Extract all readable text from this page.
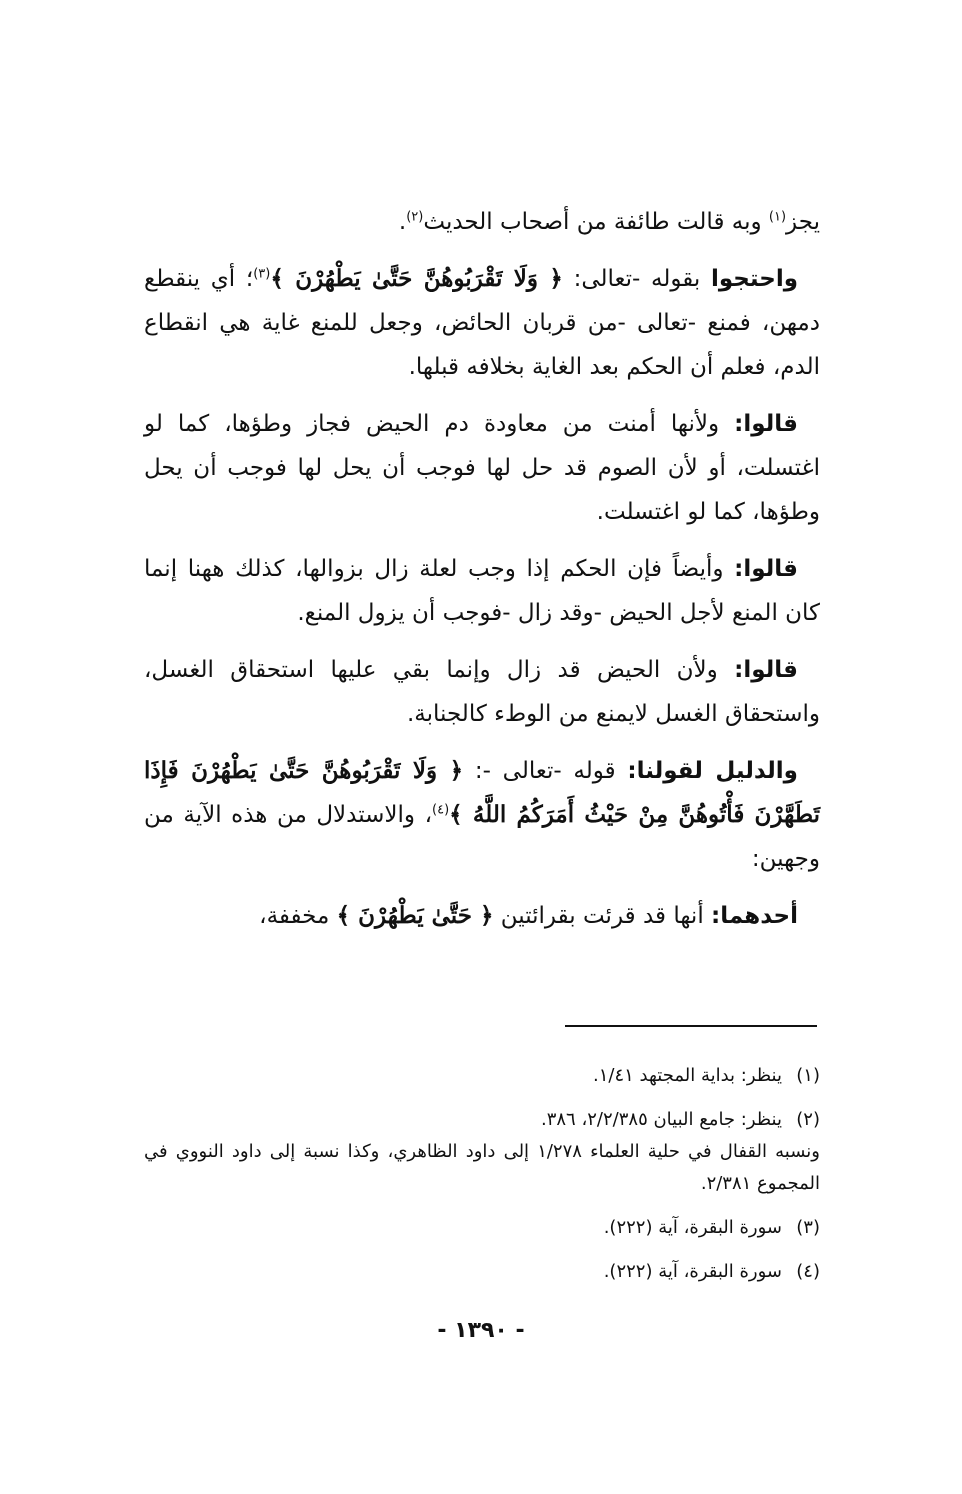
يجز$^{(١)}$ وبه قالت طائفة من أصحاب الحديث$^{(٢)}$.

واحتجوا بقوله -تعالى: ﴿ وَلَا تَقْرَبُوهُنَّ حَتَّىٰ يَطْهُرْنَ ﴾$^{(٣)}$؛ أي ينقطع دمهن، فمنع -تعالى -من قربان الحائض، وجعل للمنع غاية هي انقطاع الدم، فعلم أن الحكم بعد الغاية بخلافه قبلها.

قالوا: ولأنها أمنت من معاودة دم الحيض فجاز وطؤها، كما لو اغتسلت، أو لأن الصوم قد حل لها فوجب أن يحل لها فوجب أن يحل وطؤها، كما لو اغتسلت.

قالوا: وأيضاً فإن الحكم إذا وجب لعلة زال بزوالها، كذلك ههنا إنما كان المنع لأجل الحيض -وقد زال -فوجب أن يزول المنع.

قالوا: ولأن الحيض قد زال وإنما بقي عليها استحقاق الغسل، واستحقاق الغسل لايمنع من الوطء كالجنابة.

والدليل لقولنا: قوله -تعالى -: ﴿ وَلَا تَقْرَبُوهُنَّ حَتَّىٰ يَطْهُرْنَ فَإِذَا تَطَهَّرْنَ فَأْتُوهُنَّ مِنْ حَيْثُ أَمَرَكُمُ اللَّهُ ﴾$^{(٤)}$، والاستدلال من هذه الآية من وجهين:

أحدهما: أنها قد قرئت بقرائتين ﴿ حَتَّىٰ يَطْهُرْنَ ﴾ مخففة،

(١)ينظر: بداية المجتهد ١/٤١.
(٢)ينظر: جامع البيان ٢/٢/٣٨٥، ٣٨٦.
ونسبه القفال في حلية العلماء ١/٢٧٨ إلى داود الظاهري، وكذا نسبة إلى داود النووي في المجموع ٢/٣٨١.
(٣)سورة البقرة، آية (٢٢٢).
(٤)سورة البقرة، آية (٢٢٢).
- ١٣٩٠ -
